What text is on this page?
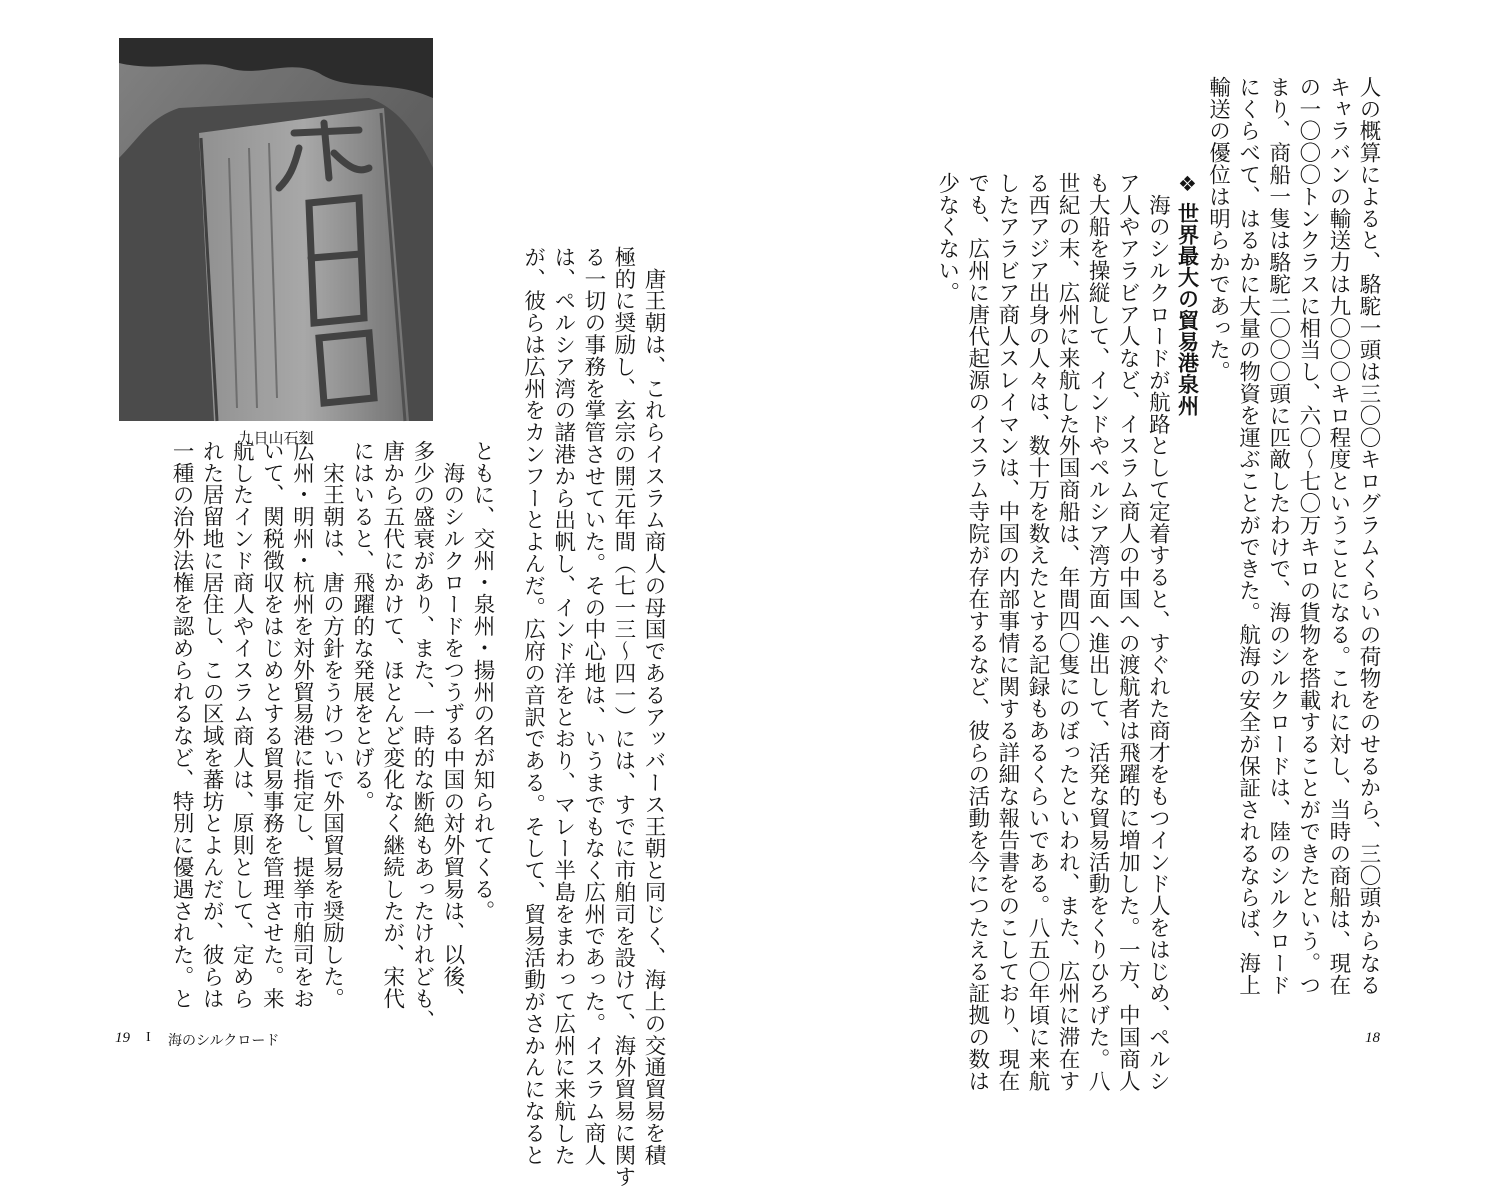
九日山石刻	　唐王朝は、これらイスラム商人の母国であるアッバース王朝と同じく、海上の交通貿易を積
極的に奨励し、玄宗の開元年間（七一三〜四一）には、すでに市舶司を設けて、海外貿易に関す
る一切の事務を掌管させていた。その中心地は、いうまでもなく広州であった。イスラム商人
は、ペルシア湾の諸港から出帆し、インド洋をとおり、マレー半島をまわって広州に来航した
が、彼らは広州をカンフーとよんだ。広府の音訳である。そして、貿易活動がさかんになると
ともに、交州・泉州・揚州の名が知られてくる。
　海のシルクロードをつうずる中国の対外貿易は、以後、
多少の盛衰があり、また、一時的な断絶もあったけれども、
唐から五代にかけて、ほとんど変化なく継続したが、宋代
にはいると、飛躍的な発展をとげる。
　宋王朝は、唐の方針をうけついで外国貿易を奨励した。
広州・明州・杭州を対外貿易港に指定し、提挙市舶司をお
いて、関税徴収をはじめとする貿易事務を管理させた。来
航したインド商人やイスラム商人は、原則として、定めら
れた居留地に居住し、この区域を蕃坊とよんだが、彼らは
一種の治外法権を認められるなど、特別に優遇された。と
19 I 海のシルクロード
人の概算によると、駱駝一頭は三〇〇キログラムくらいの荷物をのせるから、三〇頭からなる
キャラバンの輸送力は九〇〇〇キロ程度ということになる。これに対し、当時の商船は、現在
の一〇〇〇トンクラスに相当し、六〇〜七〇万キロの貨物を搭載することができたという。つ
まり、商船一隻は駱駝二〇〇〇頭に匹敵したわけで、海のシルクロードは、陸のシルクロード
にくらべて、はるかに大量の物資を運ぶことができた。航海の安全が保証されるならば、海上
輸送の優位は明らかであった。
❖世界最大の貿易港泉州
　海のシルクロードが航路として定着すると、すぐれた商才をもつインド人をはじめ、ペルシ
ア人やアラビア人など、イスラム商人の中国への渡航者は飛躍的に増加した。一方、中国商人
も大船を操縦して、インドやペルシア湾方面へ進出して、活発な貿易活動をくりひろげた。八
世紀の末、広州に来航した外国商船は、年間四〇隻にのぼったといわれ、また、広州に滞在す
る西アジア出身の人々は、数十万を数えたとする記録もあるくらいである。八五〇年頃に来航
したアラビア商人スレイマンは、中国の内部事情に関する詳細な報告書をのこしており、現在
でも、広州に唐代起源のイスラム寺院が存在するなど、彼らの活動を今につたえる証拠の数は
少なくない。
18
